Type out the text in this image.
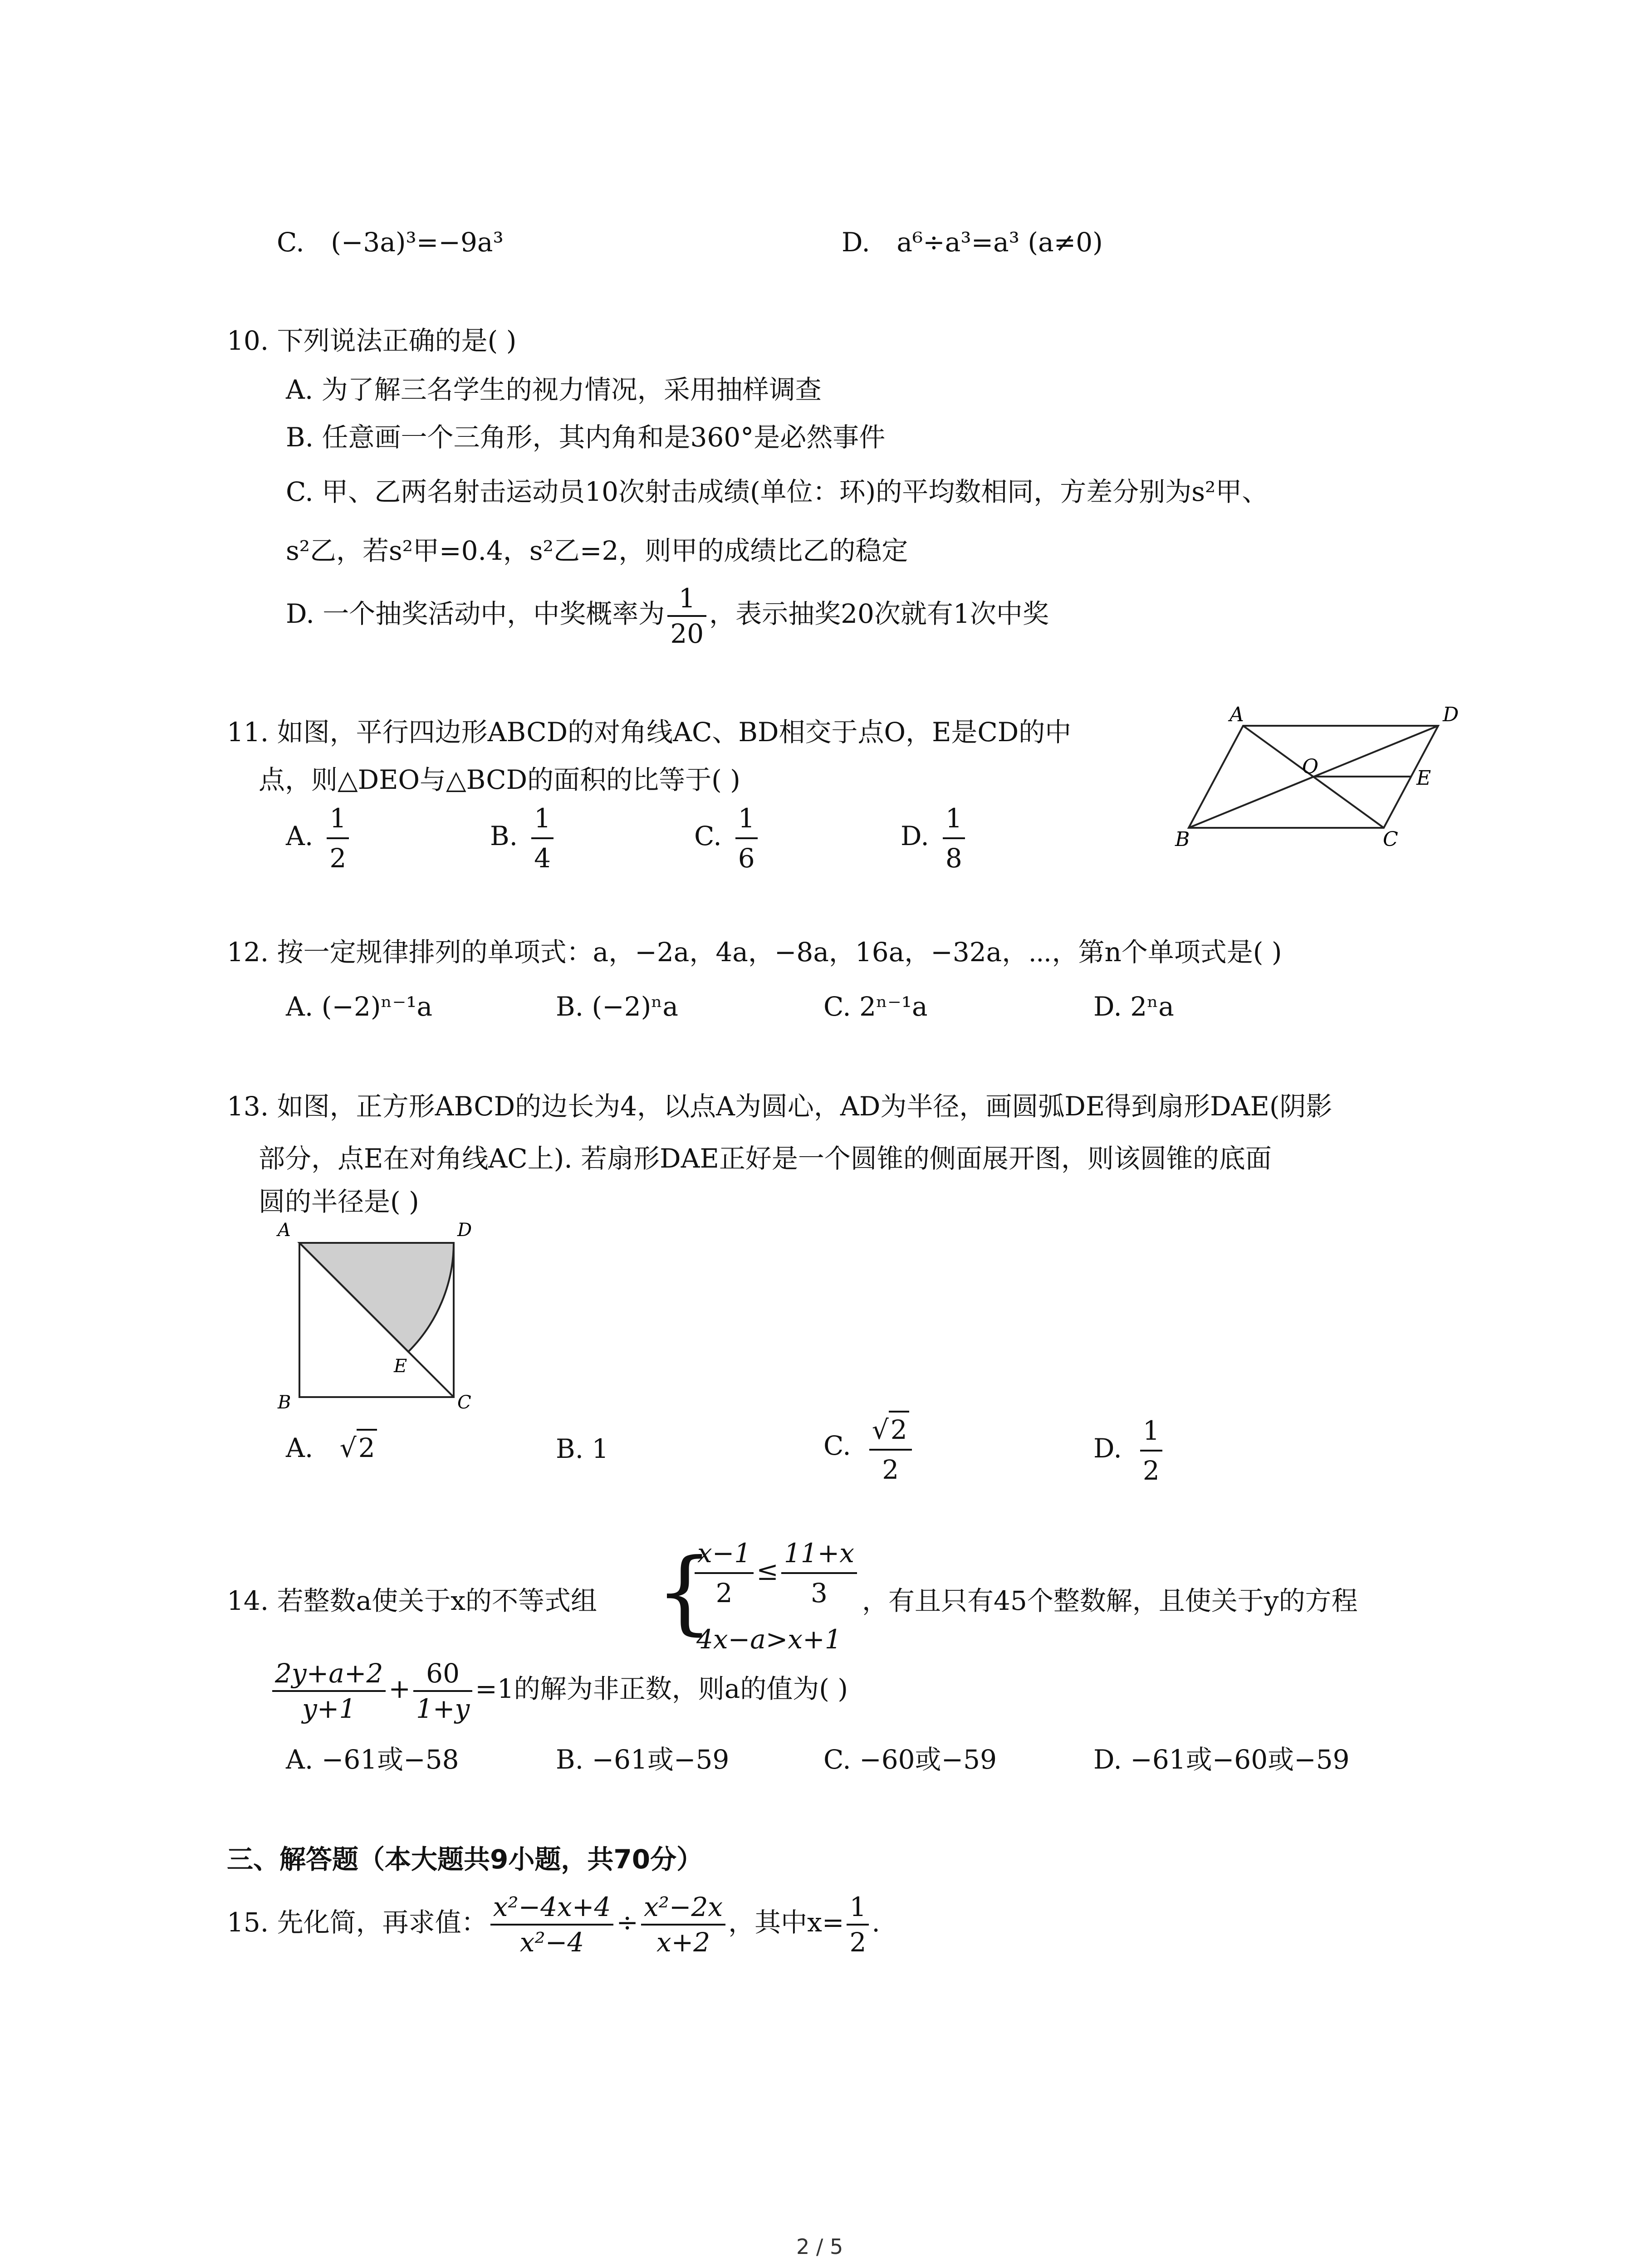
C. (−3a)³=−9a³	D. a⁶÷a³=a³ (a≠0)
10. 下列说法正确的是( )
A. 为了解三名学生的视力情况，采用抽样调查
B. 任意画一个三角形，其内角和是360°是必然事件
C. 甲、乙两名射击运动员10次射击成绩(单位：环)的平均数相同，方差分别为s²甲、
s²乙，若s²甲=0.4，s²乙=2，则甲的成绩比乙的稳定
D. 一个抽奖活动中，中奖概率为 $\frac{1}{20}$ ，表示抽奖20次就有1次中奖
11. 如图，平行四边形ABCD的对角线AC、BD相交于点O，E是CD的中
点，则△DEO与△BCD的面积的比等于( )
A. $\frac{1}{2}$	B. $\frac{1}{4}$	C. $\frac{1}{6}$	D. $\frac{1}{8}$
A	D
B	C
O	E
12. 按一定规律排列的单项式：a，−2a，4a，−8a，16a，−32a，⋯，第n个单项式是( )
A. (−2)ⁿ⁻¹a	B. (−2)ⁿa	C. 2ⁿ⁻¹a	D. 2ⁿa
13. 如图，正方形ABCD的边长为4，以点A为圆心，AD为半径，画圆弧DE得到扇形DAE(阴影
部分，点E在对角线AC上). 若扇形DAE正好是一个圆锥的侧面展开图，则该圆锥的底面
圆的半径是( )
A	D
B	C
E
A. √2	B. 1	C. $\frac{√2}{2}$	D. $\frac{1}{2}$
14. 若整数a使关于x的不等式组 {
$\frac{x-1}{2} \le \frac{11+x}{3}$
4x−a>x+1
，有且只有45个整数解，且使关于y的方程
$\frac{2y+a+2}{y+1} + \frac{60}{1+y} =1$的解为非正数，则a的值为( )
A. −61或−58	B. −61或−59	C. −60或−59	D. −61或−60或−59
三、解答题（本大题共9小题，共70分）
15. 先化简，再求值： $\frac{\text{x²−4x+4}}{\text{x²−4}} \div \frac{\text{x²−2x}}{x+2}$ ，其中$x= \frac{1}{2}$ .
2 / 5
